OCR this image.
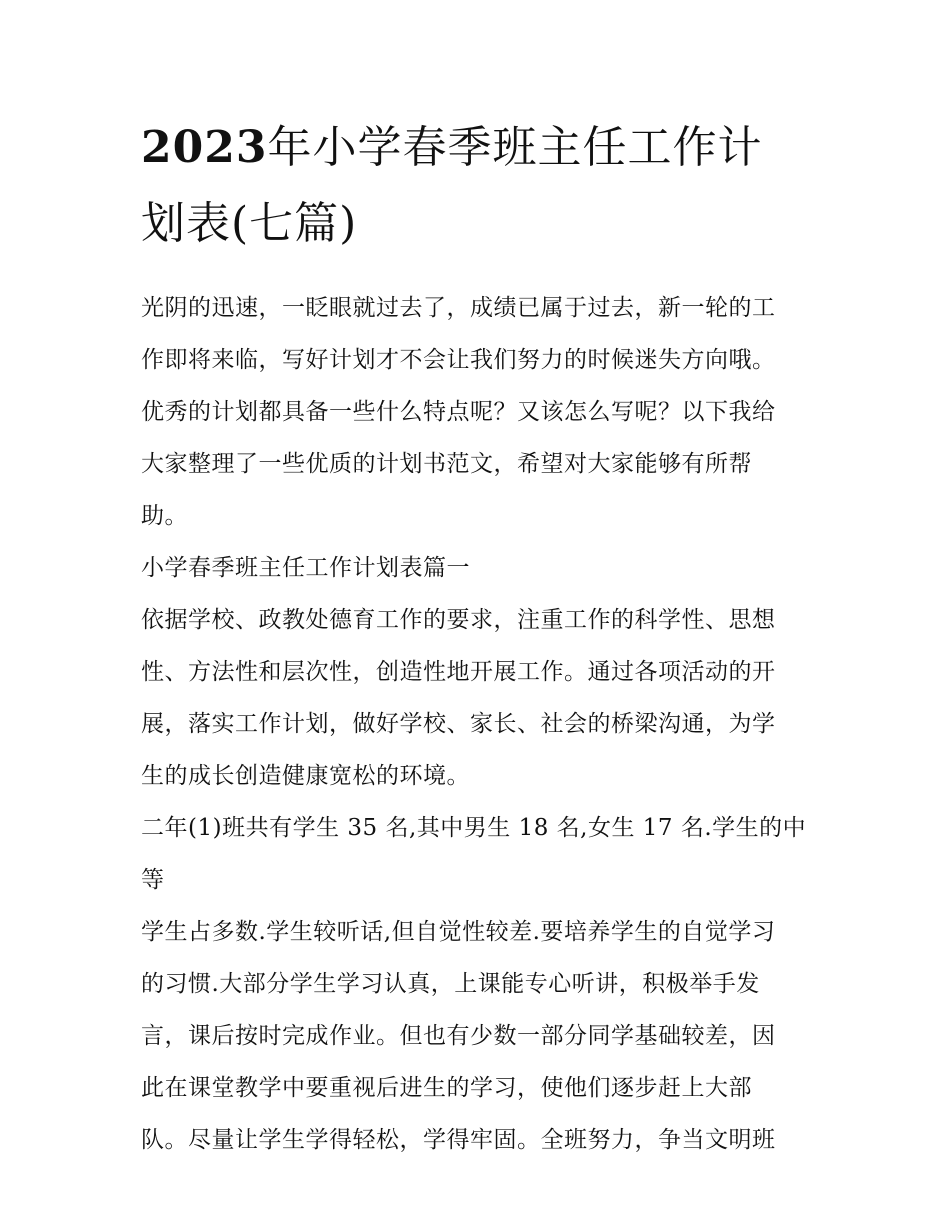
2023年小学春季班主任工作计
划表(七篇)

光阴的迅速，一眨眼就过去了，成绩已属于过去，新一轮的工

作即将来临，写好计划才不会让我们努力的时候迷失方向哦。

优秀的计划都具备一些什么特点呢？又该怎么写呢？以下我给

大家整理了一些优质的计划书范文，希望对大家能够有所帮

助。

小学春季班主任工作计划表篇一

依据学校、政教处德育工作的要求，注重工作的科学性、思想

性、方法性和层次性，创造性地开展工作。通过各项活动的开

展，落实工作计划，做好学校、家长、社会的桥梁沟通，为学

生的成长创造健康宽松的环境。

二年(1)班共有学生 35 名,其中男生 18 名,女生 17 名.学生的中等

学生占多数.学生较听话,但自觉性较差.要培养学生的自觉学习

的习惯.大部分学生学习认真，上课能专心听讲，积极举手发

言，课后按时完成作业。但也有少数一部分同学基础较差，因

此在课堂教学中要重视后进生的学习，使他们逐步赶上大部

队。尽量让学生学得轻松，学得牢固。全班努力，争当文明班
